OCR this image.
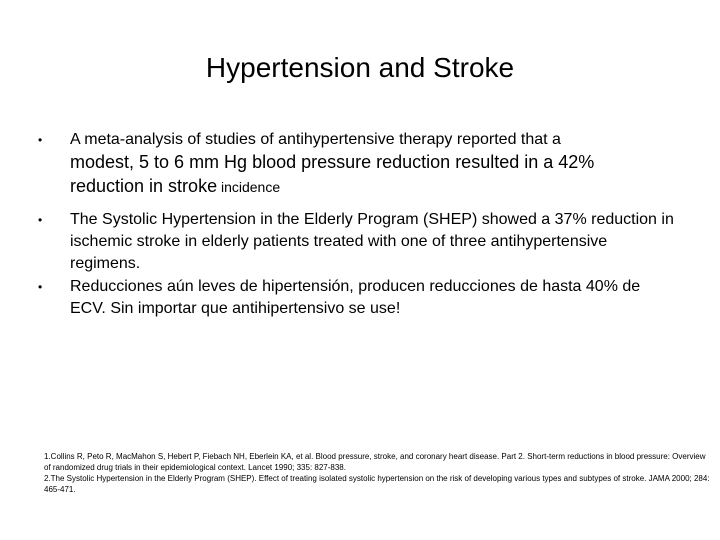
Hypertension and Stroke
• A meta-analysis of studies of antihypertensive therapy reported that a
modest, 5 to 6 mm Hg blood pressure reduction resulted in a 42%
reduction in stroke incidence
• The Systolic Hypertension in the Elderly Program (SHEP) showed a 37% reduction in ischemic stroke in elderly patients treated with one of three antihypertensive regimens.
• Reducciones aún leves de hipertensión, producen reducciones de hasta 40% de ECV. Sin importar que antihipertensivo se use!

1.Collins R, Peto R, MacMahon S, Hebert P, Fiebach NH, Eberlein KA, et al. Blood pressure, stroke, and coronary heart disease. Part 2. Short-term reductions in blood pressure: Overview of randomized drug trials in their epidemiological context. Lancet 1990; 335: 827-838.

2.The Systolic Hypertension in the Elderly Program (SHEP). Effect of treating isolated systolic hypertension on the risk of developing various types and subtypes of stroke. JAMA 2000; 284: 465-471.
